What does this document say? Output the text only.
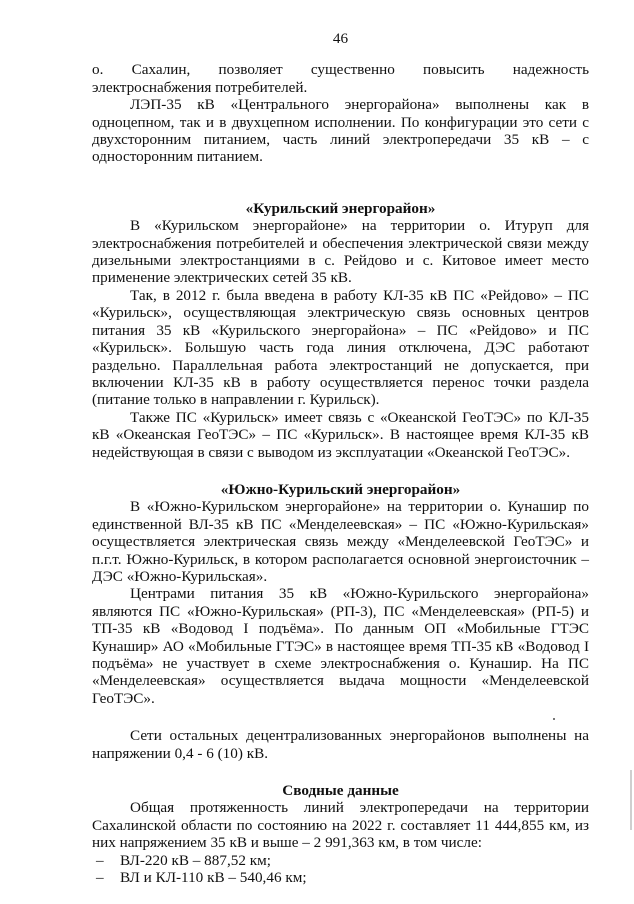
46

о. Сахалин, позволяет существенно повысить надежность электроснабжения потребителей.

ЛЭП-35 кВ «Центрального энергорайона» выполнены как в одноцепном, так и в двухцепном исполнении. По конфигурации это сети с двухсторонним питанием, часть линий электропередачи 35 кВ – с односторонним питанием.

«Курильский энергорайон»

В «Курильском энергорайоне» на территории о. Итуруп для электроснабжения потребителей и обеспечения электрической связи между дизельными электростанциями в с. Рейдово и с. Китовое имеет место применение электрических сетей 35 кВ.

Так, в 2012 г. была введена в работу КЛ-35 кВ ПС «Рейдово» – ПС «Курильск», осуществляющая электрическую связь основных центров питания 35 кВ «Курильского энергорайона» – ПС «Рейдово» и ПС «Курильск». Большую часть года линия отключена, ДЭС работают раздельно. Параллельная работа электростанций не допускается, при включении КЛ-35 кВ в работу осуществляется перенос точки раздела (питание только в направлении г. Курильск).

Также ПС «Курильск» имеет связь с «Океанской ГеоТЭС» по КЛ-35 кВ «Океанская ГеоТЭС» – ПС «Курильск». В настоящее время КЛ-35 кВ недействующая в связи с выводом из эксплуатации «Океанской ГеоТЭС».

«Южно-Курильский энергорайон»

В «Южно-Курильском энергорайоне» на территории о. Кунашир по единственной ВЛ-35 кВ ПС «Менделеевская» – ПС «Южно-Курильская» осуществляется электрическая связь между «Менделеевской ГеоТЭС» и п.г.т. Южно-Курильск, в котором располагается основной энергоисточник – ДЭС «Южно-Курильская».

Центрами питания 35 кВ «Южно-Курильского энергорайона» являются ПС «Южно-Курильская» (РП-3), ПС «Менделеевская» (РП-5) и ТП-35 кВ «Водовод I подъёма». По данным ОП «Мобильные ГТЭС Кунашир» АО «Мобильные ГТЭС» в настоящее время ТП-35 кВ «Водовод I подъёма» не участвует в схеме электроснабжения о. Кунашир. На ПС «Менделеевская» осуществляется выдача мощности «Менделеевской ГеоТЭС».

Сети остальных децентрализованных энергорайонов выполнены на напряжении 0,4 - 6 (10) кВ.

Сводные данные

Общая протяженность линий электропередачи на территории Сахалинской области по состоянию на 2022 г. составляет 11 444,855 км, из них напряжением 35 кВ и выше – 2 991,363 км, в том числе:

– ВЛ-220 кВ – 887,52 км;
– ВЛ и КЛ-110 кВ – 540,46 км;
